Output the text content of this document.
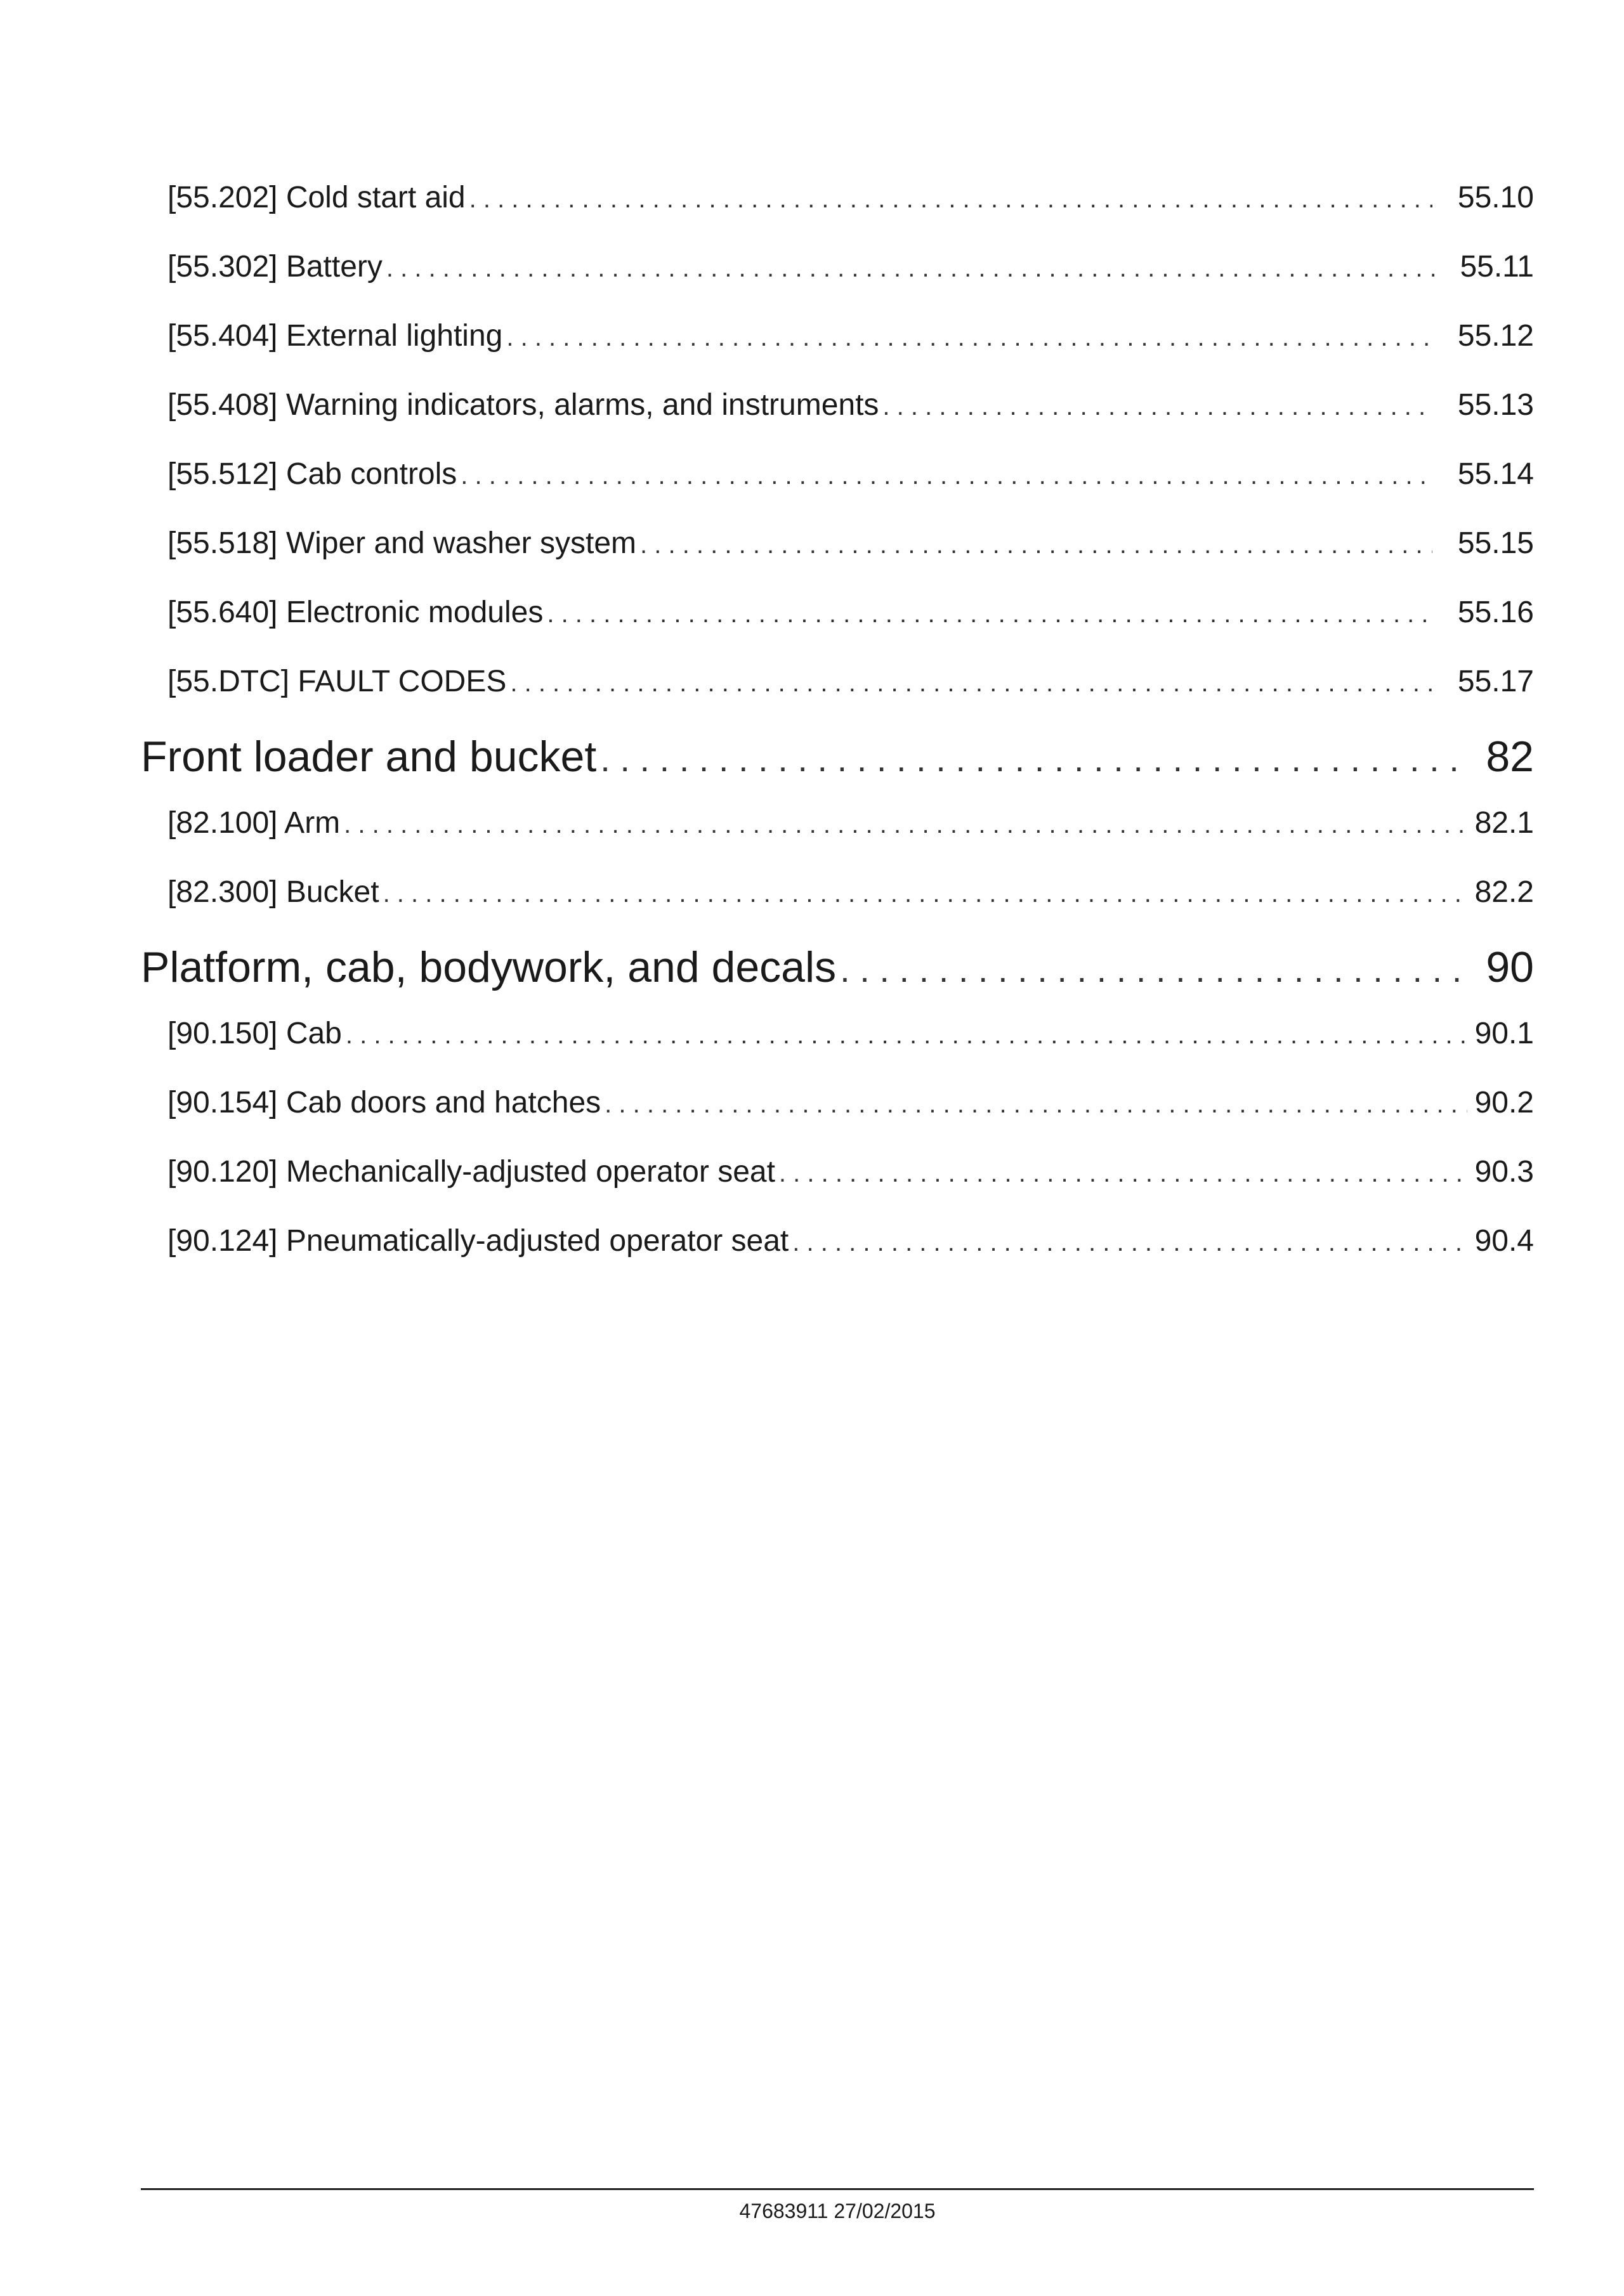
[55.202] Cold start aid . . .	55.10
[55.302] Battery . . .	55.11
[55.404] External lighting . . .	55.12
[55.408] Warning indicators, alarms, and instruments . . .	55.13
[55.512] Cab controls . . .	55.14
[55.518] Wiper and washer system . . .	55.15
[55.640] Electronic modules . . .	55.16
[55.DTC] FAULT CODES . . .	55.17
Front loader and bucket . . .	82
[82.100] Arm . . .	82.1
[82.300] Bucket . . .	82.2
Platform, cab, bodywork, and decals . . .	90
[90.150] Cab . . .	90.1
[90.154] Cab doors and hatches . . .	90.2
[90.120] Mechanically-adjusted operator seat . . .	90.3
[90.124] Pneumatically-adjusted operator seat . . .	90.4
47683911 27/02/2015
